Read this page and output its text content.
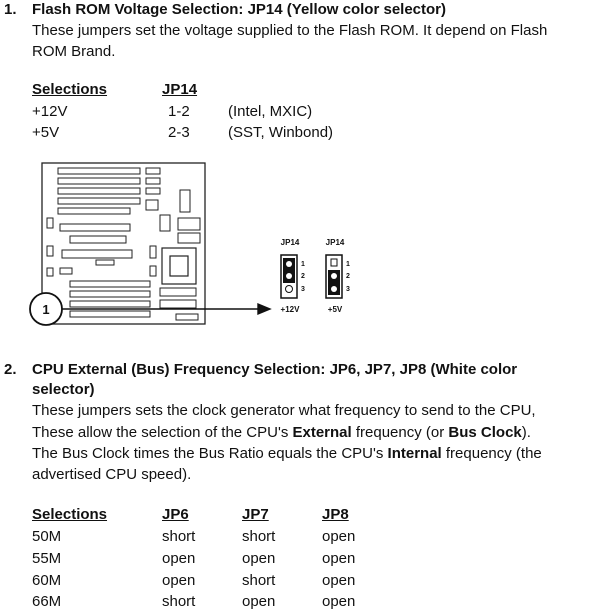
1. Flash ROM Voltage Selection: JP14 (Yellow color selector)
These jumpers set the voltage supplied to the Flash ROM. It depend on Flash
ROM Brand.
Selections	JP14
+12V	1-2	(Intel, MXIC)
+5V	2-3	(SST, Winbond)
1
JP14
1
2
3
+12V
JP14
1
2
3
+5V
2. CPU External (Bus) Frequency Selection: JP6, JP7, JP8 (White color
selector)
These jumpers sets the clock generator what frequency to send to the CPU,
These allow the selection of the CPU's External frequency (or Bus Clock).
The Bus Clock times the Bus Ratio equals the CPU's Internal frequency (the
advertised CPU speed).
Selections	JP6	JP7	JP8
50M	short	short	open
55M	open	open	open
60M	open	short	open
66M	short	open	open
